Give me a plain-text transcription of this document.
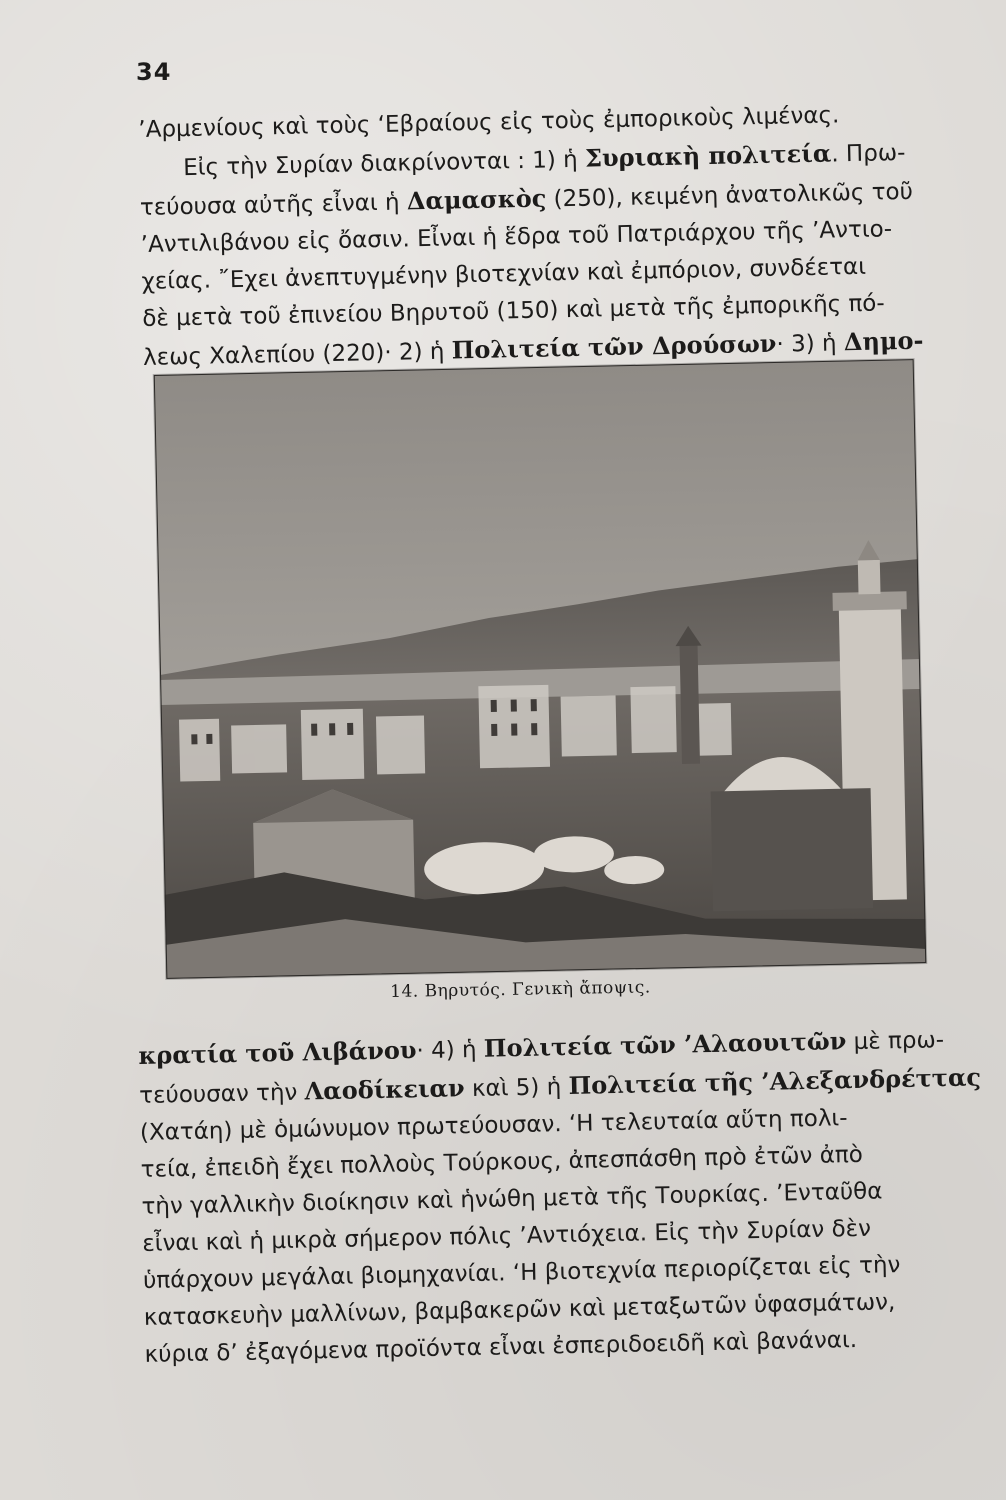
34
’Αρμενίους καὶ τοὺς ‘Εβραίους εἰς τοὺς ἐμπορικοὺς λιμένας.
Εἰς τὴν Συρίαν διακρίνονται : 1) ἡ Συριακὴ πολιτεία. Πρω-
τεύουσα αὐτῆς εἶναι ἡ Δαμασκὸς (250), κειμένη ἀνατολικῶς τοῦ
’Αντιλιβάνου εἰς ὄασιν. Εἶναι ἡ ἕδρα τοῦ Πατριάρχου τῆς ’Αντιο-
χείας. ῎Εχει ἀνεπτυγμένην βιοτεχνίαν καὶ ἐμπόριον, συνδέεται
δὲ μετὰ τοῦ ἐπινείου Βηρυτοῦ (150) καὶ μετὰ τῆς ἐμπορικῆς πό-
λεως Χαλεπίου (220)· 2) ἡ Πολιτεία τῶν Δρούσων· 3) ἡ Δημο-
14. Βηρυτός. Γενικὴ ἄποψις.
κρατία τοῦ Λιβάνου· 4) ἡ Πολιτεία τῶν ’Αλαουιτῶν μὲ πρω-
τεύουσαν τὴν Λαοδίκειαν καὶ 5) ἡ Πολιτεία τῆς ’Αλεξανδρέττας
(Χατάη) μὲ ὁμώνυμον πρωτεύουσαν. ‘Η τελευταία αὕτη πολι-
τεία, ἐπειδὴ ἔχει πολλοὺς Τούρκους, ἀπεσπάσθη πρὸ ἐτῶν ἀπὸ
τὴν γαλλικὴν διοίκησιν καὶ ἡνώθη μετὰ τῆς Τουρκίας. ’Ενταῦθα
εἶναι καὶ ἡ μικρὰ σήμερον πόλις ’Αντιόχεια. Εἰς τὴν Συρίαν δὲν
ὑπάρχουν μεγάλαι βιομηχανίαι. ‘Η βιοτεχνία περιορίζεται εἰς τὴν
κατασκευὴν μαλλίνων, βαμβακερῶν καὶ μεταξωτῶν ὑφασμάτων,
κύρια δ’ ἐξαγόμενα προϊόντα εἶναι ἐσπεριδοειδῆ καὶ βανάναι.
